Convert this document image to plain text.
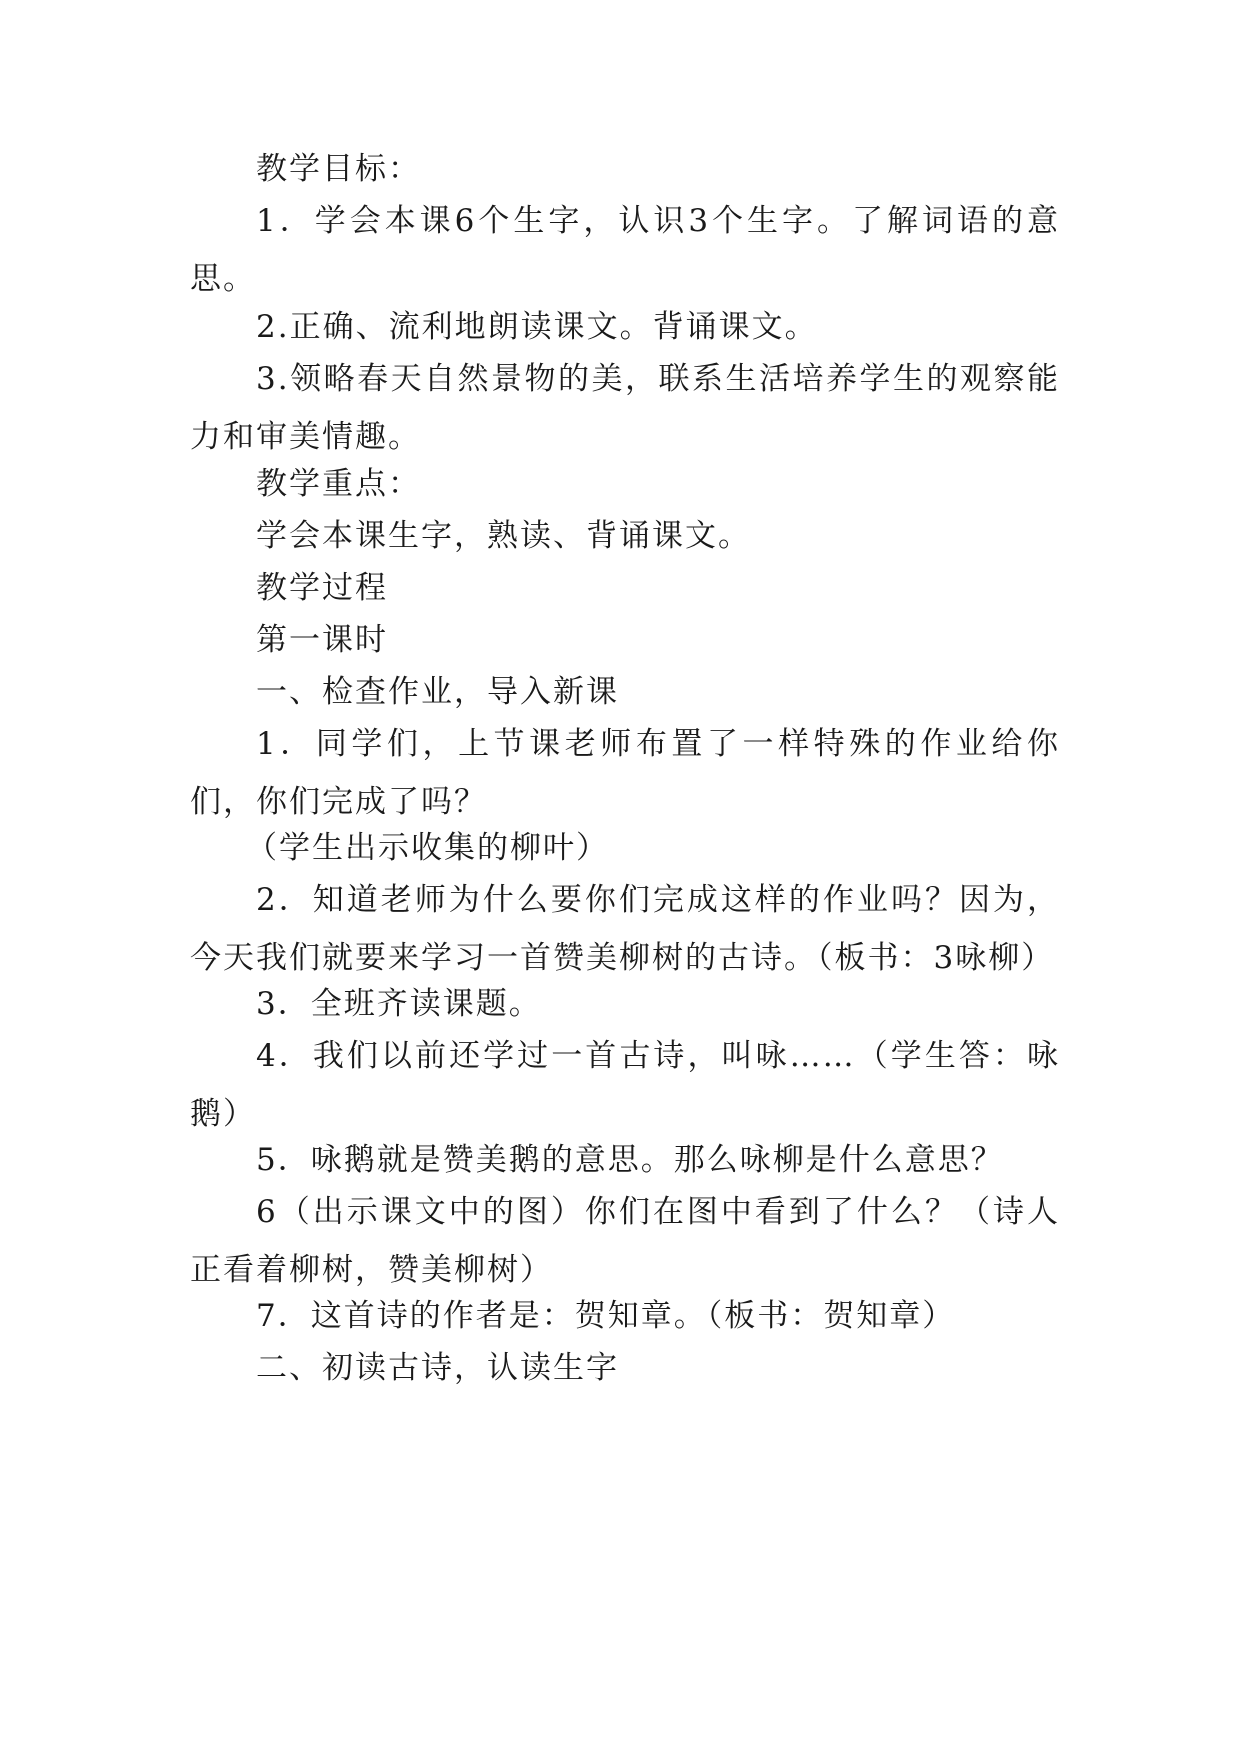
教学目标：
1．学会本课6个生字，认识3个生字。了解词语的意思。
2.正确、流利地朗读课文。背诵课文。
3.领略春天自然景物的美，联系生活培养学生的观察能力和审美情趣。
教学重点：
学会本课生字，熟读、背诵课文。
教学过程
第一课时
一、检查作业，导入新课
1．同学们，上节课老师布置了一样特殊的作业给你们，你们完成了吗？
（学生出示收集的柳叶）
2．知道老师为什么要你们完成这样的作业吗？因为，今天我们就要来学习一首赞美柳树的古诗。（板书：3咏柳）
3．全班齐读课题。
4．我们以前还学过一首古诗，叫咏……（学生答：咏鹅）
5．咏鹅就是赞美鹅的意思。那么咏柳是什么意思？
6（出示课文中的图）你们在图中看到了什么？（诗人正看着柳树，赞美柳树）
7．这首诗的作者是：贺知章。（板书：贺知章）
二、初读古诗，认读生字
